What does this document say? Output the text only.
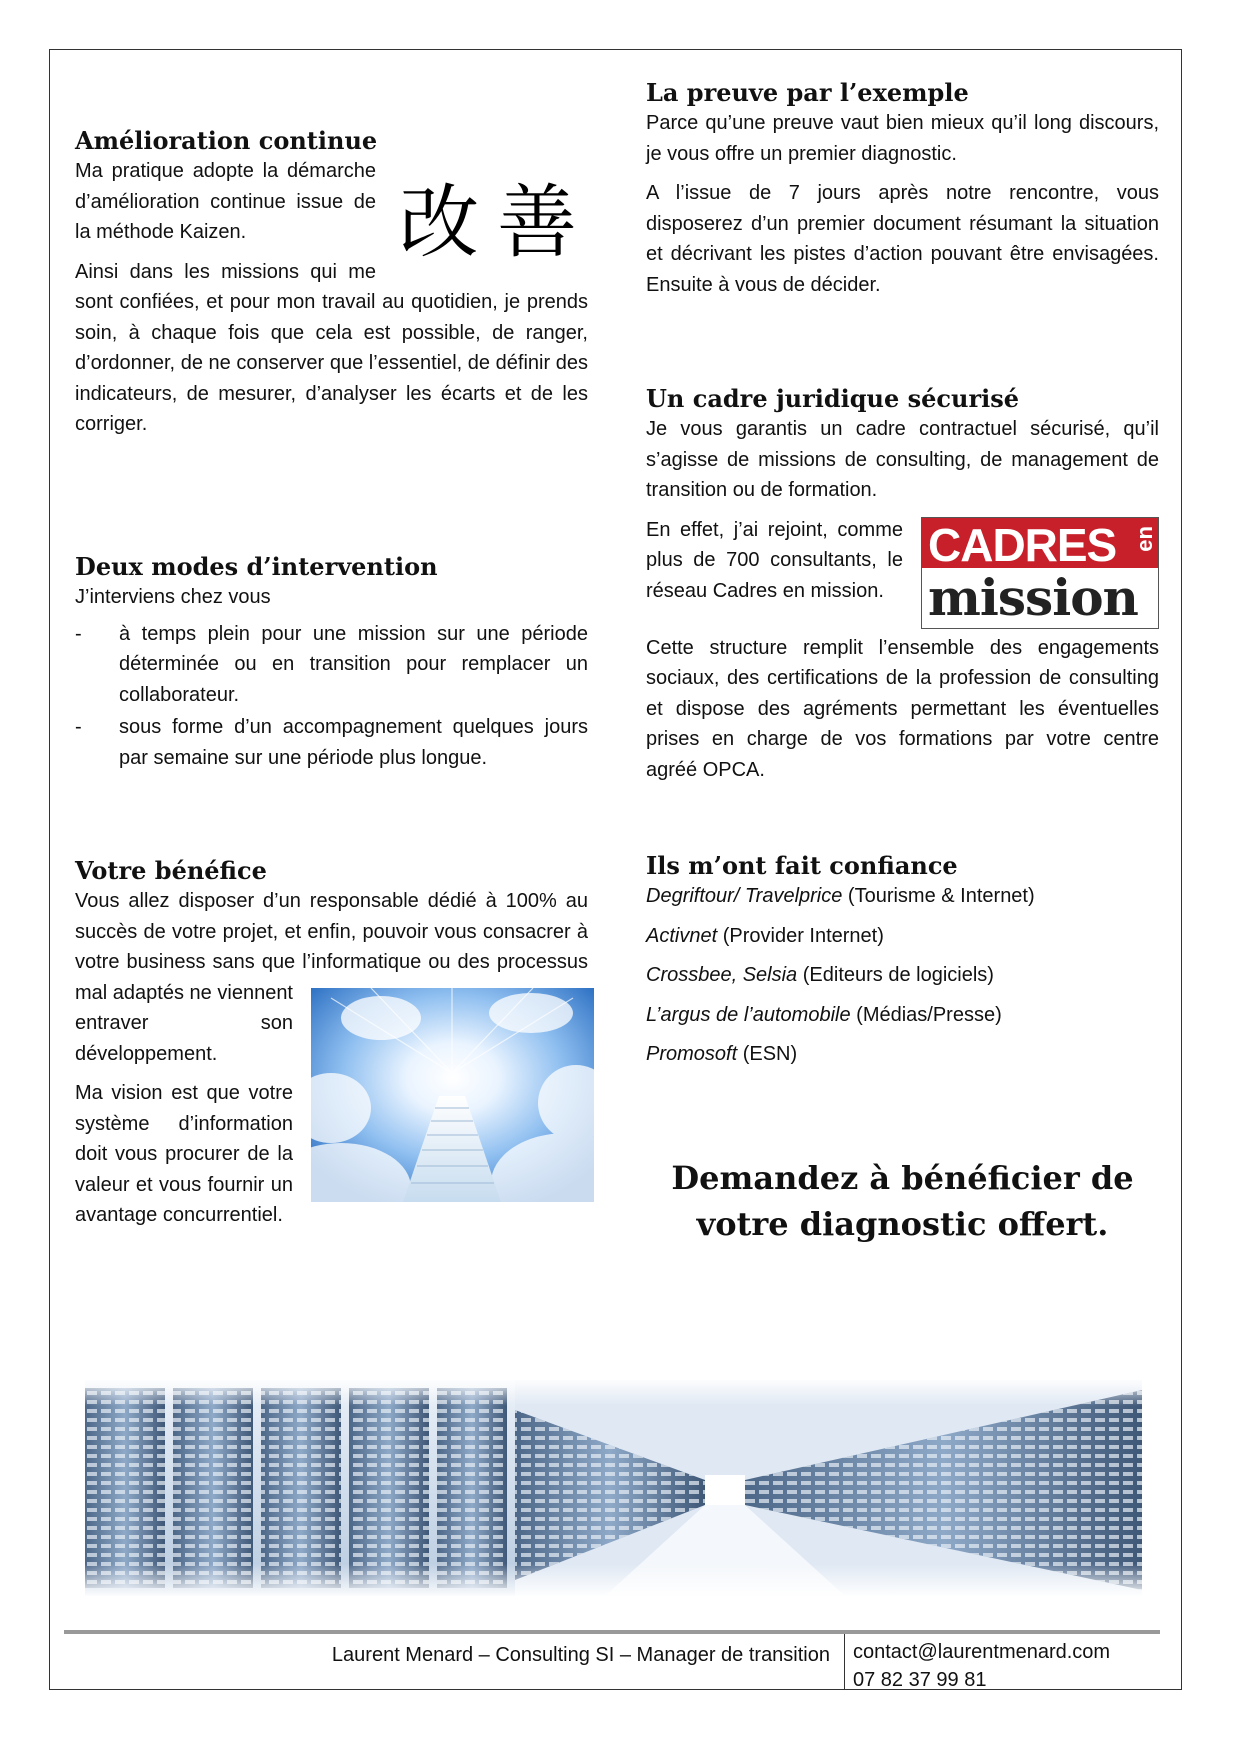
Amélioration continue
改 善

Ma pratique adopte la démarche d’amélioration continue issue de la méthode Kaizen.

Ainsi dans les missions qui me sont confiées, et pour mon travail au quotidien, je prends soin, à chaque fois que cela est possible, de ranger, d’ordonner, de ne conserver que l’essentiel, de définir des indicateurs, de mesurer, d’analyser les écarts et de les corriger.

Deux modes d’intervention

J’interviens chez vous

- à temps plein pour une mission sur une période déterminée ou en transition pour remplacer un collaborateur.
- sous forme d’un accompagnement quelques jours par semaine sur une période plus longue.
Votre bénéfice

Vous allez disposer d’un responsable dédié à 100% au succès de votre projet, et enfin, pouvoir vous consacrer à votre business sans que l’informatique ou des processus mal adaptés ne viennent entraver son développement.

Ma vision est que votre système d’information doit vous procurer de la valeur et vous fournir un avantage concurrentiel.

La preuve par l’exemple

Parce qu’une preuve vaut bien mieux qu’il long discours, je vous offre un premier diagnostic.

A l’issue de 7 jours après notre rencontre, vous disposerez d’un premier document résumant la situation et décrivant les pistes d’action pouvant être envisagées. Ensuite à vous de décider.

Un cadre juridique sécurisé

Je vous garantis un cadre contractuel sécurisé, qu’il s’agisse de missions de consulting, de management de transition ou de formation.

CADRES en
mission

En effet, j’ai rejoint, comme plus de 700 consultants, le réseau Cadres en mission.

Cette structure remplit l’ensemble des engagements sociaux, des certifications de la profession de consulting et dispose des agréments permettant les éventuelles prises en charge de vos formations par votre centre agréé OPCA.

Ils m’ont fait confiance

Degriftour/ Travelprice (Tourisme & Internet)

Activnet (Provider Internet)

Crossbee, Selsia (Editeurs de logiciels)

L’argus de l’automobile (Médias/Presse)

Promosoft (ESN)

Demandez à bénéficier de
votre diagnostic offert.
Laurent Menard – Consulting SI – Manager de transition contact@laurentmenard.com
07 82 37 99 81
